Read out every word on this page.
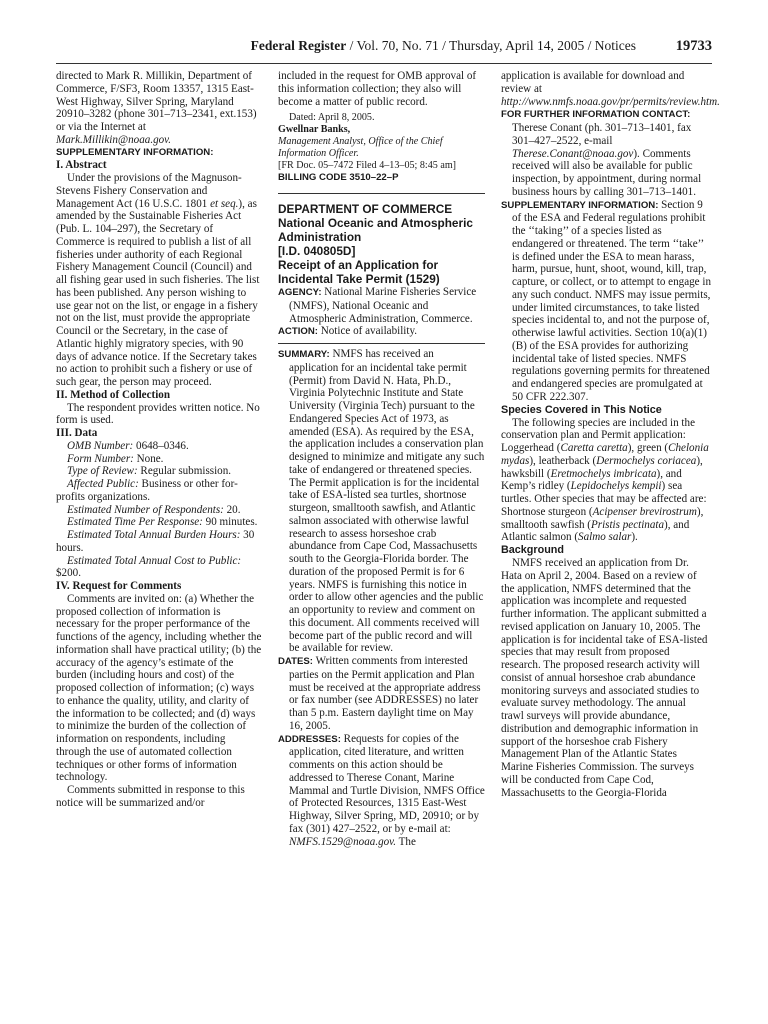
Federal Register / Vol. 70, No. 71 / Thursday, April 14, 2005 / Notices	19733

directed to Mark R. Millikin, Department of Commerce, F/SF3, Room 13357, 1315 East-West Highway, Silver Spring, Maryland 20910–3282 (phone 301–713–2341, ext.153) or via the Internet at Mark.Millikin@noaa.gov.

SUPPLEMENTARY INFORMATION:

I. Abstract

Under the provisions of the Magnuson-Stevens Fishery Conservation and Management Act (16 U.S.C. 1801 et seq.), as amended by the Sustainable Fisheries Act (Pub. L. 104–297), the Secretary of Commerce is required to publish a list of all fisheries under authority of each Regional Fishery Management Council (Council) and all fishing gear used in such fisheries. The list has been published. Any person wishing to use gear not on the list, or engage in a fishery not on the list, must provide the appropriate Council or the Secretary, in the case of Atlantic highly migratory species, with 90 days of advance notice. If the Secretary takes no action to prohibit such a fishery or use of such gear, the person may proceed.

II. Method of Collection

The respondent provides written notice. No form is used.

III. Data

OMB Number: 0648–0346.

Form Number: None.

Type of Review: Regular submission.

Affected Public: Business or other for-profits organizations.

Estimated Number of Respondents: 20.

Estimated Time Per Response: 90 minutes.

Estimated Total Annual Burden Hours: 30 hours.

Estimated Total Annual Cost to Public: $200.

IV. Request for Comments

Comments are invited on: (a) Whether the proposed collection of information is necessary for the proper performance of the functions of the agency, including whether the information shall have practical utility; (b) the accuracy of the agency’s estimate of the burden (including hours and cost) of the proposed collection of information; (c) ways to enhance the quality, utility, and clarity of the information to be collected; and (d) ways to minimize the burden of the collection of information on respondents, including through the use of automated collection techniques or other forms of information technology.

Comments submitted in response to this notice will be summarized and/or

included in the request for OMB approval of this information collection; they also will become a matter of public record.

Dated: April 8, 2005.

Gwellnar Banks,

Management Analyst, Office of the Chief Information Officer.

[FR Doc. 05–7472 Filed 4–13–05; 8:45 am]

BILLING CODE 3510–22–P

DEPARTMENT OF COMMERCE

National Oceanic and Atmospheric Administration

[I.D. 040805D]

Receipt of an Application for Incidental Take Permit (1529)

AGENCY: National Marine Fisheries Service (NMFS), National Oceanic and Atmospheric Administration, Commerce.

ACTION: Notice of availability.

SUMMARY: NMFS has received an application for an incidental take permit (Permit) from David N. Hata, Ph.D., Virginia Polytechnic Institute and State University (Virginia Tech) pursuant to the Endangered Species Act of 1973, as amended (ESA). As required by the ESA, the application includes a conservation plan designed to minimize and mitigate any such take of endangered or threatened species. The Permit application is for the incidental take of ESA-listed sea turtles, shortnose sturgeon, smalltooth sawfish, and Atlantic salmon associated with otherwise lawful research to assess horseshoe crab abundance from Cape Cod, Massachusetts south to the Georgia-Florida border. The duration of the proposed Permit is for 6 years. NMFS is furnishing this notice in order to allow other agencies and the public an opportunity to review and comment on this document. All comments received will become part of the public record and will be available for review.

DATES: Written comments from interested parties on the Permit application and Plan must be received at the appropriate address or fax number (see ADDRESSES) no later than 5 p.m. Eastern daylight time on May 16, 2005.

ADDRESSES: Requests for copies of the application, cited literature, and written comments on this action should be addressed to Therese Conant, Marine Mammal and Turtle Division, NMFS Office of Protected Resources, 1315 East-West Highway, Silver Spring, MD, 20910; or by fax (301) 427–2522, or by e-mail at: NMFS.1529@noaa.gov. The

application is available for download and review at http://www.nmfs.noaa.gov/pr/permits/review.htm.

FOR FURTHER INFORMATION CONTACT: Therese Conant (ph. 301–713–1401, fax 301–427–2522, e-mail Therese.Conant@noaa.gov). Comments received will also be available for public inspection, by appointment, during normal business hours by calling 301–713–1401.

SUPPLEMENTARY INFORMATION: Section 9 of the ESA and Federal regulations prohibit the ‘‘taking’’ of a species listed as endangered or threatened. The term ‘‘take’’ is defined under the ESA to mean harass, harm, pursue, hunt, shoot, wound, kill, trap, capture, or collect, or to attempt to engage in any such conduct. NMFS may issue permits, under limited circumstances, to take listed species incidental to, and not the purpose of, otherwise lawful activities. Section 10(a)(1)(B) of the ESA provides for authorizing incidental take of listed species. NMFS regulations governing permits for threatened and endangered species are promulgated at 50 CFR 222.307.

Species Covered in This Notice

The following species are included in the conservation plan and Permit application: Loggerhead (Caretta caretta), green (Chelonia mydas), leatherback (Dermochelys coriacea), hawksbill (Eretmochelys imbricata), and Kemp’s ridley (Lepidochelys kempii) sea turtles. Other species that may be affected are: Shortnose sturgeon (Acipenser brevirostrum), smalltooth sawfish (Pristis pectinata), and Atlantic salmon (Salmo salar).

Background

NMFS received an application from Dr. Hata on April 2, 2004. Based on a review of the application, NMFS determined that the application was incomplete and requested further information. The applicant submitted a revised application on January 10, 2005. The application is for incidental take of ESA-listed species that may result from proposed research. The proposed research activity will consist of annual horseshoe crab abundance monitoring surveys and associated studies to evaluate survey methodology. The annual trawl surveys will provide abundance, distribution and demographic information in support of the horseshoe crab Fishery Management Plan of the Atlantic States Marine Fisheries Commission. The surveys will be conducted from Cape Cod, Massachusetts to the Georgia-Florida
